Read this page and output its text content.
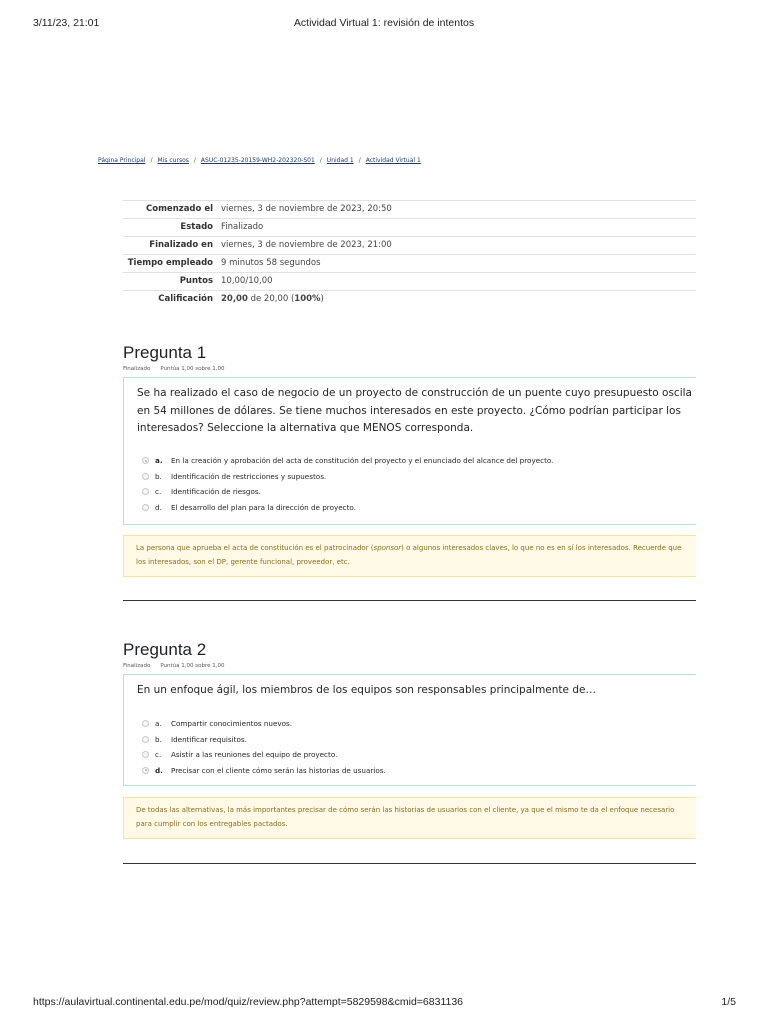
3/11/23, 21:01	Actividad Virtual 1: revisión de intentos
Página Principal / Mis cursos / ASUC-01235-20159-WH2-202320-S01 / Unidad 1 / Actividad Virtual 1
Comenzado el	viernes, 3 de noviembre de 2023, 20:50
Estado	Finalizado
Finalizado en	viernes, 3 de noviembre de 2023, 21:00
Tiempo empleado	9 minutos 58 segundos
Puntos	10,00/10,00
Calificación	20,00 de 20,00 (100%)
Pregunta 1
Finalizado Puntúa 1,00 sobre 1,00
Se ha realizado el caso de negocio de un proyecto de construcción de un puente cuyo presupuesto oscila en 54 millones de dólares. Se tiene muchos interesados en este proyecto. ¿Cómo podrían participar los interesados? Seleccione la alternativa que MENOS corresponda.
a.	En la creación y aprobación del acta de constitución del proyecto y el enunciado del alcance del proyecto.
b.	Identificación de restricciones y supuestos.
c.	Identificación de riesgos.
d.	El desarrollo del plan para la dirección de proyecto.
La persona que aprueba el acta de constitución es el patrocinador (sponsor) o algunos interesados claves, lo que no es en sí los interesados. Recuerde que los interesados, son el DP, gerente funcional, proveedor, etc.
Pregunta 2
Finalizado Puntúa 1,00 sobre 1,00
En un enfoque ágil, los miembros de los equipos son responsables principalmente de…
a.	Compartir conocimientos nuevos.
b.	Identificar requisitos.
c.	Asistir a las reuniones del equipo de proyecto.
d.	Precisar con el cliente cómo serán las historias de usuarios.
De todas las alternativas, la más importantes precisar de cómo serán las historias de usuarios con el cliente, ya que el mismo te da el enfoque necesario para cumplir con los entregables pactados.
https://aulavirtual.continental.edu.pe/mod/quiz/review.php?attempt=5829598&cmid=6831136	1/5
